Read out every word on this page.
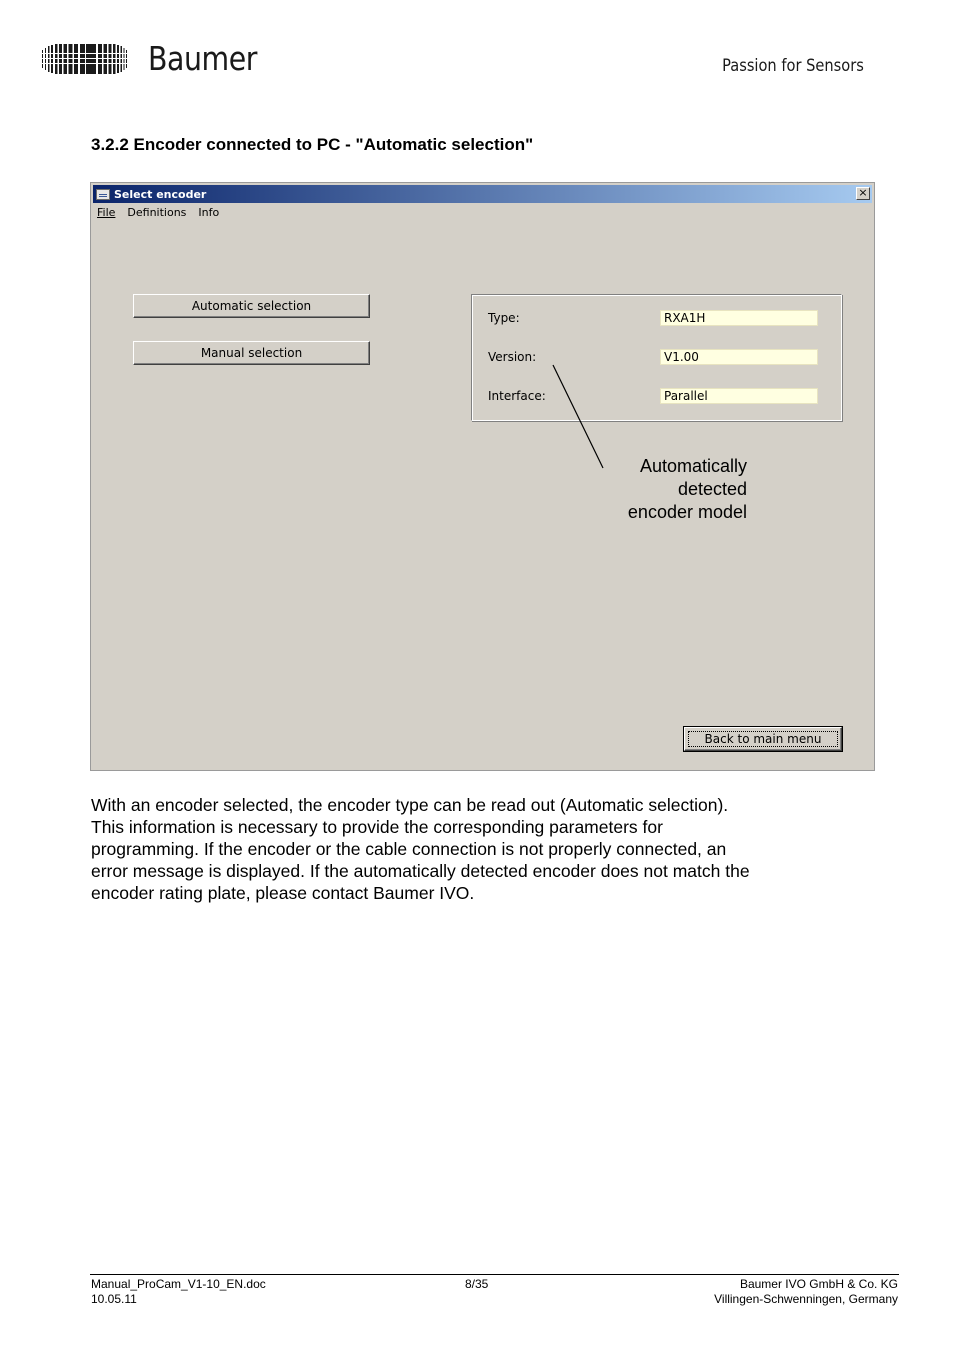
Baumer	Passion for Sensors
3.2.2 Encoder connected to PC - "Automatic selection"
Select encoder	×
File Definitions Info
Automatic selection
Manual selection
Type:	RXA1H
Version:	V1.00
Interface:	Parallel
Automatically
detected
encoder model
Back to main menu
With an encoder selected, the encoder type can be read out (Automatic selection).
This information is necessary to provide the corresponding parameters for
programming. If the encoder or the cable connection is not properly connected, an
error message is displayed. If the automatically detected encoder does not match the
encoder rating plate, please contact Baumer IVO.
Manual_ProCam_V1-10_EN.doc
10.05.11
8/35	Baumer IVO GmbH & Co. KG
Villingen-Schwenningen, Germany
